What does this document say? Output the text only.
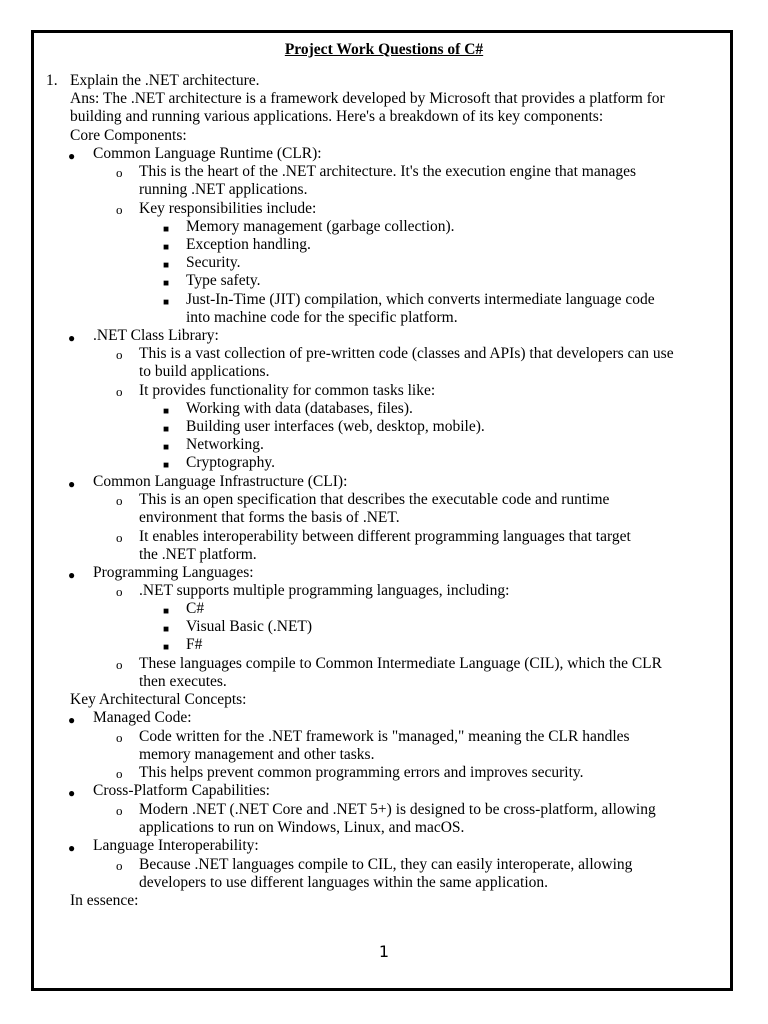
Project Work Questions of C#
1. Explain the .NET architecture.
Ans: The .NET architecture is a framework developed by Microsoft that provides a platform for
building and running various applications. Here's a breakdown of its key components:
Core Components:
● Common Language Runtime (CLR):
o This is the heart of the .NET architecture. It's the execution engine that manages
running .NET applications.
o Key responsibilities include:
■ Memory management (garbage collection).
■ Exception handling.
■ Security.
■ Type safety.
■ Just-In-Time (JIT) compilation, which converts intermediate language code
into machine code for the specific platform.
● .NET Class Library:
o This is a vast collection of pre-written code (classes and APIs) that developers can use
to build applications.
o It provides functionality for common tasks like:
■ Working with data (databases, files).
■ Building user interfaces (web, desktop, mobile).
■ Networking.
■ Cryptography.
● Common Language Infrastructure (CLI):
o This is an open specification that describes the executable code and runtime
environment that forms the basis of .NET.
o It enables interoperability between different programming languages that target
the .NET platform.
● Programming Languages:
o .NET supports multiple programming languages, including:
■ C#
■ Visual Basic (.NET)
■ F#
o These languages compile to Common Intermediate Language (CIL), which the CLR
then executes.
Key Architectural Concepts:
● Managed Code:
o Code written for the .NET framework is "managed," meaning the CLR handles
memory management and other tasks.
o This helps prevent common programming errors and improves security.
● Cross-Platform Capabilities:
o Modern .NET (.NET Core and .NET 5+) is designed to be cross-platform, allowing
applications to run on Windows, Linux, and macOS.
● Language Interoperability:
o Because .NET languages compile to CIL, they can easily interoperate, allowing
developers to use different languages within the same application.
In essence:
1
